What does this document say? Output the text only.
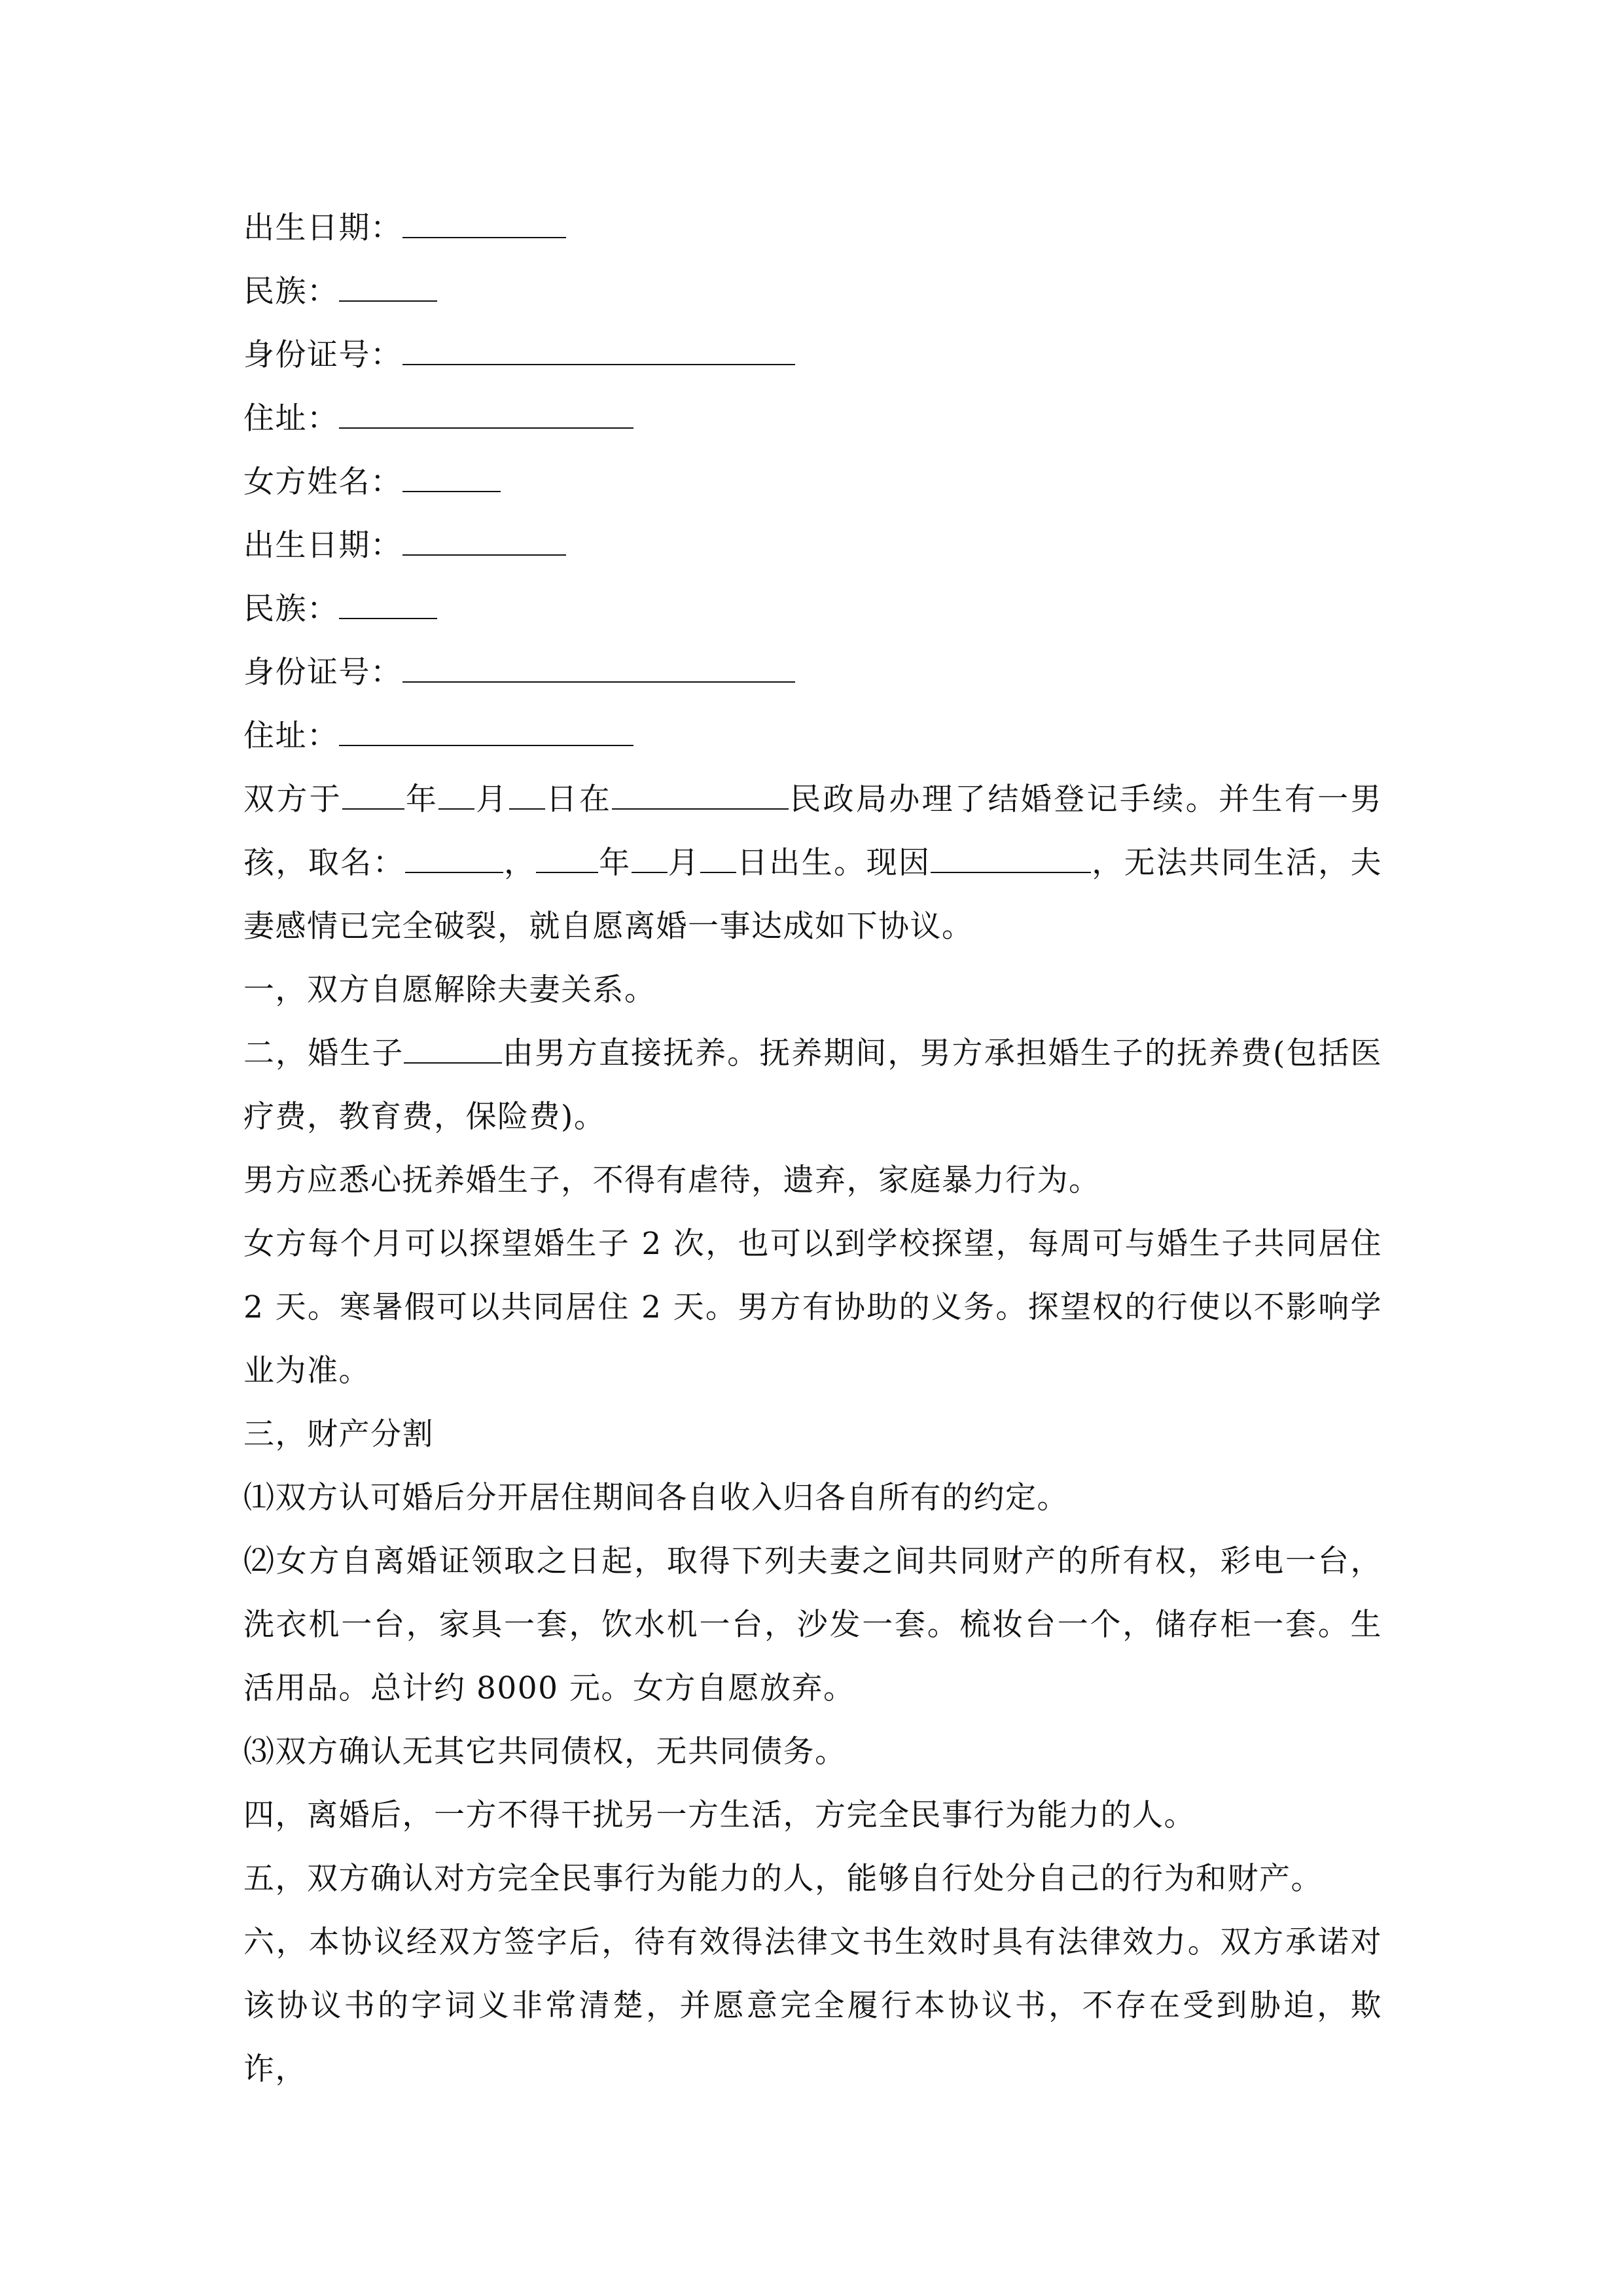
出生日期：
民族：
身份证号：
住址：
女方姓名：
出生日期：
民族：
身份证号：
住址：
双方于 年 月 日在	民政局办理了结婚登记手续。并生有一男孩，取名：	， 年 月 日出生。现因	，无法共同生活，夫妻感情已完全破裂，就自愿离婚一事达成如下协议。
一，双方自愿解除夫妻关系。
二，婚生子	由男方直接抚养。抚养期间，男方承担婚生子的抚养费(包括医疗费，教育费，保险费)。
男方应悉心抚养婚生子，不得有虐待，遗弃，家庭暴力行为。
女方每个月可以探望婚生子 2 次，也可以到学校探望，每周可与婚生子共同居住 2 天。寒暑假可以共同居住 2 天。男方有协助的义务。探望权的行使以不影响学业为准。
三，财产分割
⑴双方认可婚后分开居住期间各自收入归各自所有的约定。
⑵女方自离婚证领取之日起，取得下列夫妻之间共同财产的所有权，彩电一台，洗衣机一台，家具一套，饮水机一台，沙发一套。梳妆台一个，储存柜一套。生活用品。总计约 8000 元。女方自愿放弃。
⑶双方确认无其它共同债权，无共同债务。
四，离婚后，一方不得干扰另一方生活，方完全民事行为能力的人。
五，双方确认对方完全民事行为能力的人，能够自行处分自己的行为和财产。
六，本协议经双方签字后，待有效得法律文书生效时具有法律效力。双方承诺对该协议书的字词义非常清楚，并愿意完全履行本协议书，不存在受到胁迫，欺诈，
